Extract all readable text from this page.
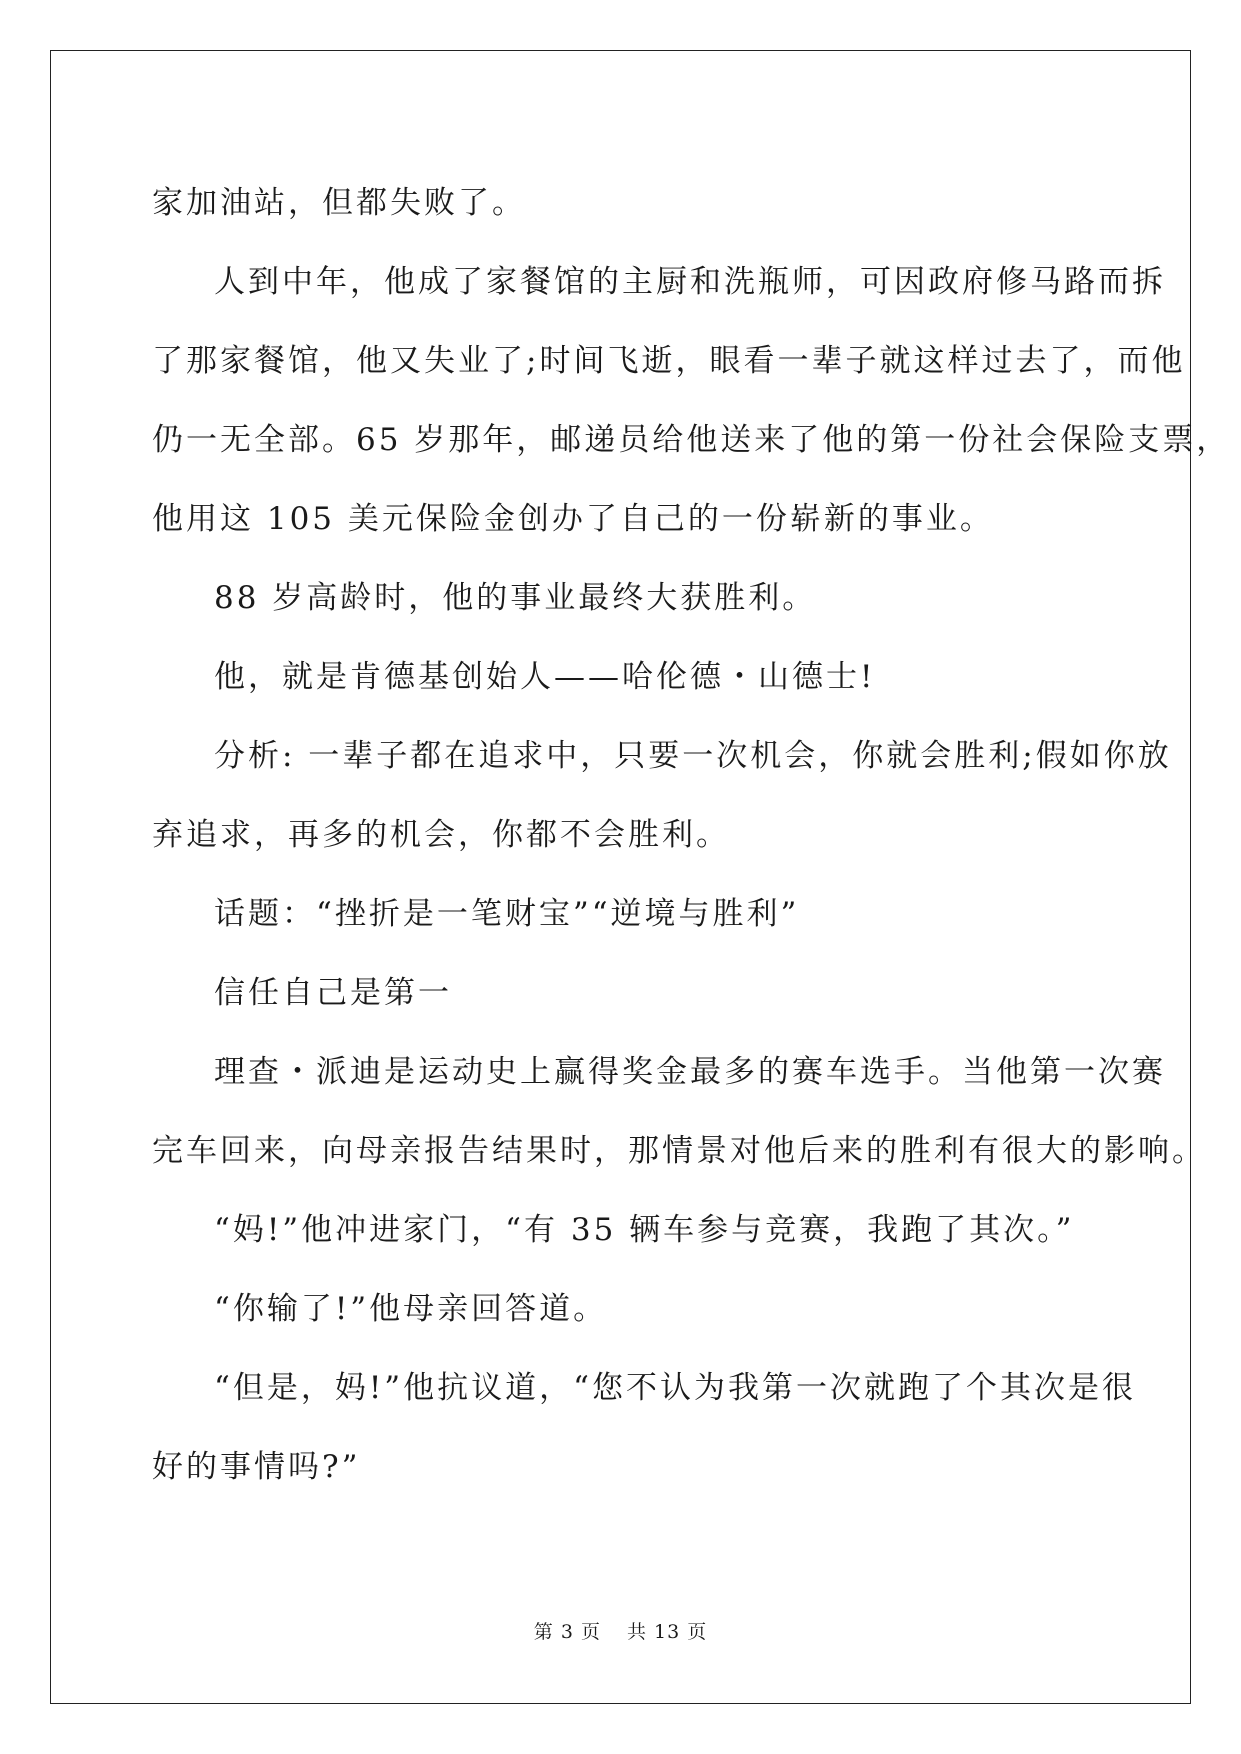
家加油站，但都失败了。

人到中年，他成了家餐馆的主厨和洗瓶师，可因政府修马路而拆

了那家餐馆，他又失业了;时间飞逝，眼看一辈子就这样过去了，而他

仍一无全部。65 岁那年，邮递员给他送来了他的第一份社会保险支票，

他用这 105 美元保险金创办了自己的一份崭新的事业。

88 岁高龄时，他的事业最终大获胜利。

他，就是肯德基创始人——哈伦德・山德士!

分析: 一辈子都在追求中，只要一次机会，你就会胜利;假如你放

弃追求，再多的机会，你都不会胜利。

话题：“挫折是一笔财宝”“逆境与胜利”

信任自己是第一

理查・派迪是运动史上赢得奖金最多的赛车选手。当他第一次赛

完车回来，向母亲报告结果时，那情景对他后来的胜利有很大的影响。

“妈!”他冲进家门，“有 35 辆车参与竞赛，我跑了其次。”

“你输了!”他母亲回答道。

“但是，妈!”他抗议道，“您不认为我第一次就跑了个其次是很

好的事情吗?”

第 3 页 共 13 页
